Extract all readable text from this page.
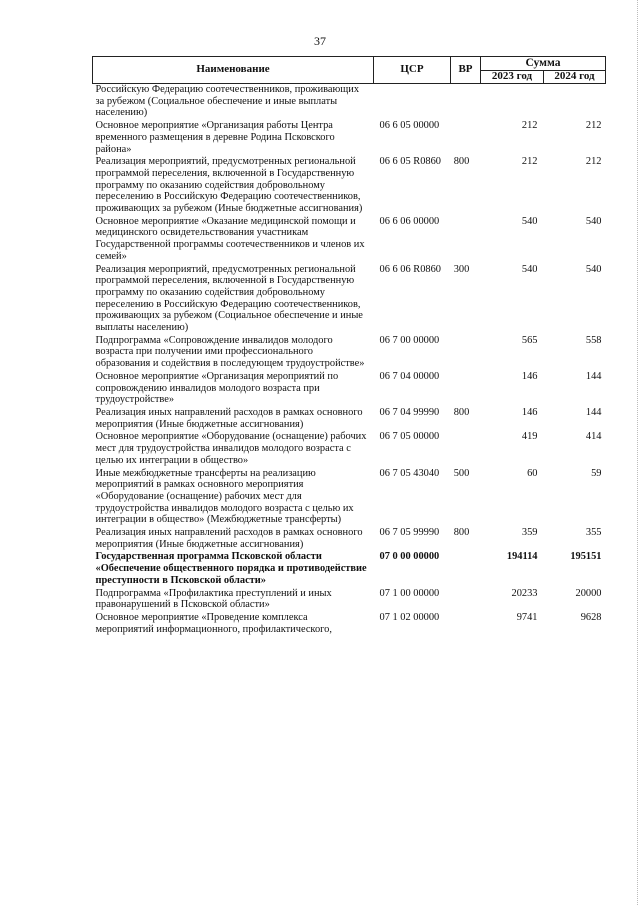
37
Наименование	ЦСР	ВР	Сумма	
			2023 год	2024 год
Российскую Федерацию соотечественников, проживающих за рубежом (Социальное обеспечение и иные выплаты населению)				
Основное мероприятие «Организация работы Центра временного размещения в деревне Родина Псковского района»	06 6 05 00000		212	212
Реализация мероприятий, предусмотренных региональной программой переселения, включенной в Государственную программу по оказанию содействия добровольному переселению в Российскую Федерацию соотечественников, проживающих за рубежом (Иные бюджетные ассигнования)	06 6 05 R0860	800	212	212
Основное мероприятие «Оказание медицинской помощи и медицинского освидетельствования участникам Государственной программы соотечественников и членов их семей»	06 6 06 00000		540	540
Реализация мероприятий, предусмотренных региональной программой переселения, включенной в Государственную программу по оказанию содействия добровольному переселению в Российскую Федерацию соотечественников, проживающих за рубежом (Социальное обеспечение и иные выплаты населению)	06 6 06 R0860	300	540	540
Подпрограмма «Сопровождение инвалидов молодого возраста при получении ими профессионального образования и содействия в последующем трудоустройстве»	06 7 00 00000		565	558
Основное мероприятие «Организация мероприятий по сопровождению инвалидов молодого возраста при трудоустройстве»	06 7 04 00000		146	144
Реализация иных направлений расходов в рамках основного мероприятия (Иные бюджетные ассигнования)	06 7 04 99990	800	146	144
Основное мероприятие «Оборудование (оснащение) рабочих мест для трудоустройства инвалидов молодого возраста с целью их интеграции в общество»	06 7 05 00000		419	414
Иные межбюджетные трансферты на реализацию мероприятий в рамках основного мероприятия «Оборудование (оснащение) рабочих мест для трудоустройства инвалидов молодого возраста с целью их интеграции в общество» (Межбюджетные трансферты)	06 7 05 43040	500	60	59
Реализация иных направлений расходов в рамках основного мероприятия (Иные бюджетные ассигнования)	06 7 05 99990	800	359	355
Государственная программа Псковской области «Обеспечение общественного порядка и противодействие преступности в Псковской области»	07 0 00 00000		194114	195151
Подпрограмма «Профилактика преступлений и иных правонарушений в Псковской области»	07 1 00 00000		20233	20000
Основное мероприятие «Проведение комплекса мероприятий информационного, профилактического,	07 1 02 00000		9741	9628
